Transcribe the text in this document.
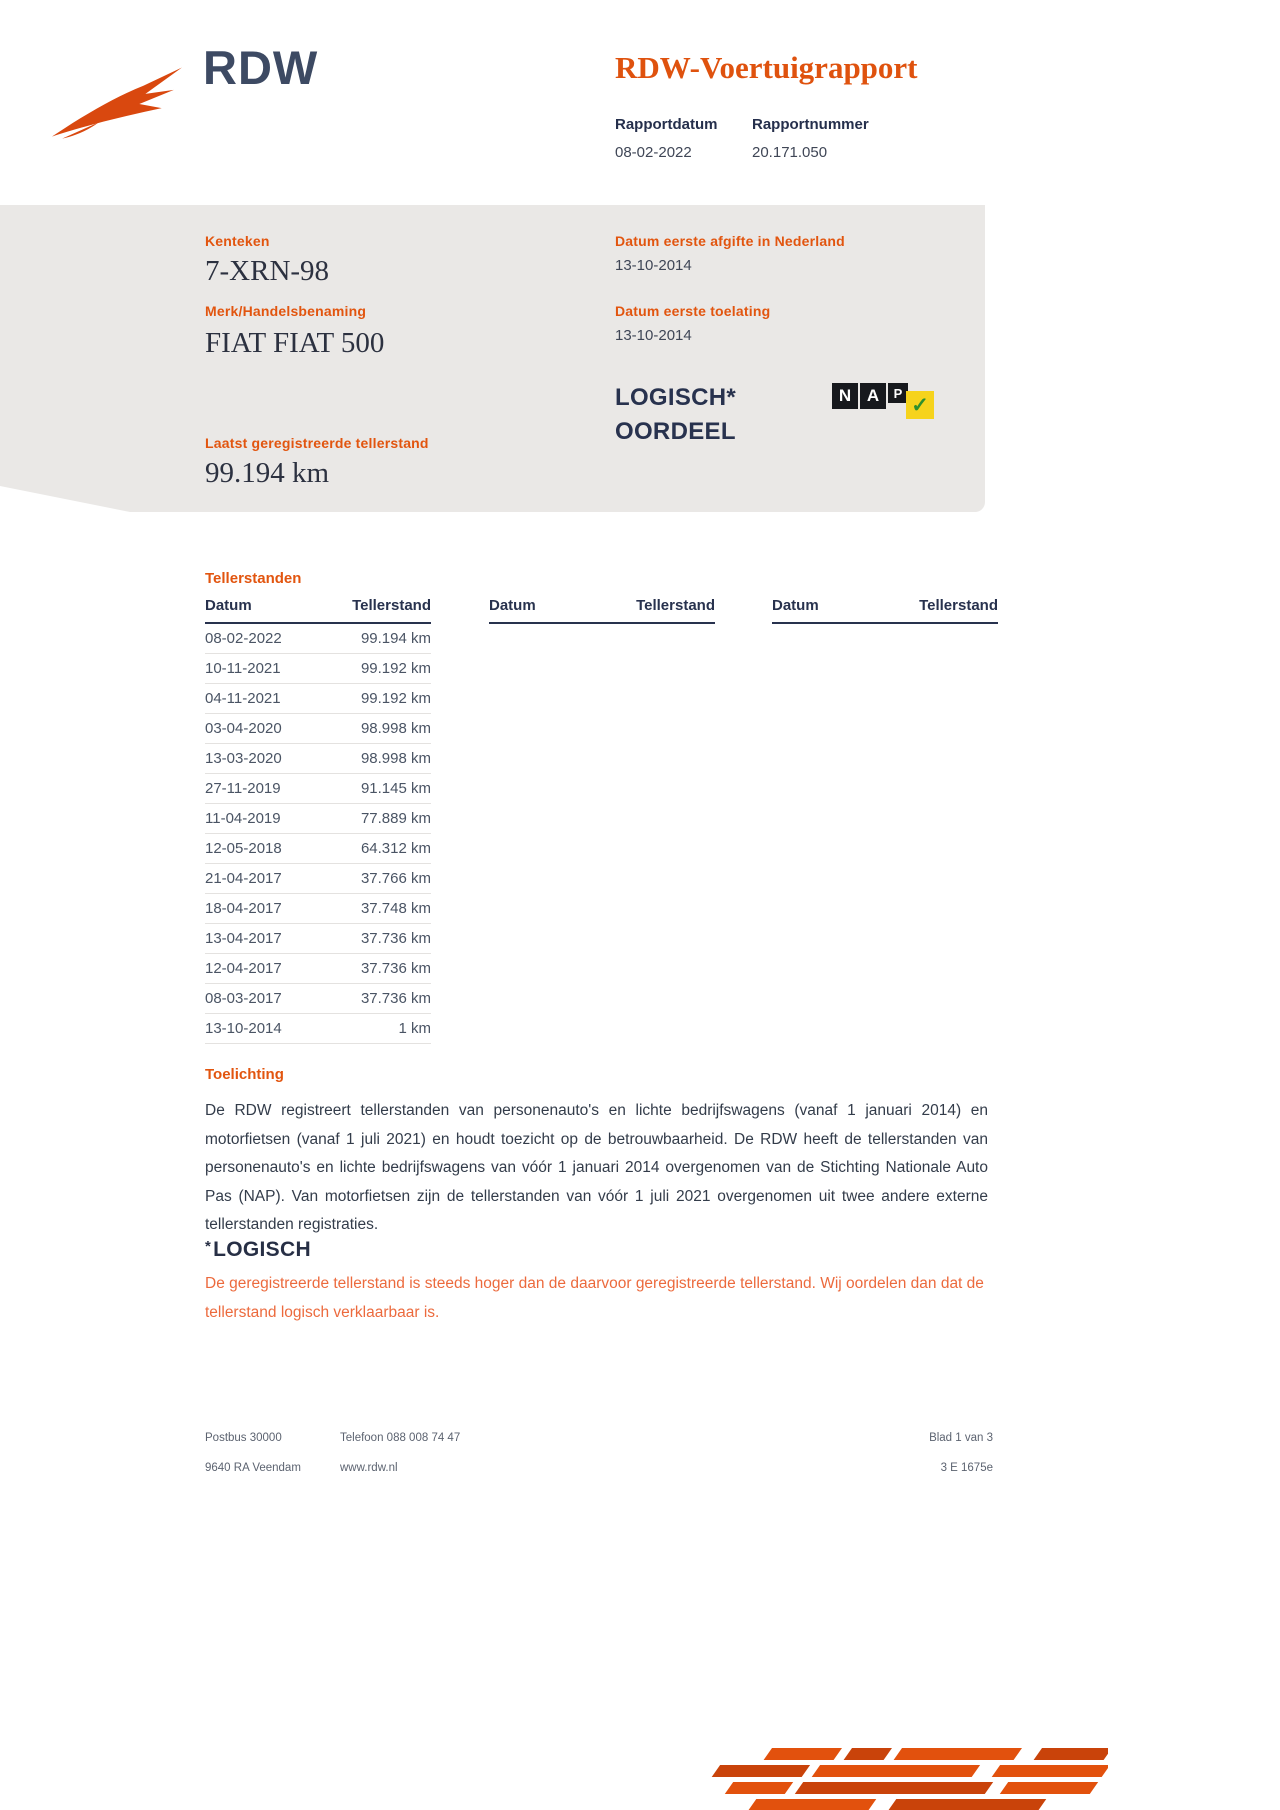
RDW	RDW-Voertuigrapport
Rapportdatum
08-02-2022
Rapportnummer
20.171.050
Kenteken
7-XRN-98
Merk/Handelsbenaming
FIAT FIAT 500
Laatst geregistreerde tellerstand
99.194 km
Datum eerste afgifte in Nederland
13-10-2014
Datum eerste toelating
13-10-2014
LOGISCH*
OORDEEL
N A	P
✓
Tellerstanden
Datum	Tellerstand
08-02-2022	99.194 km
10-11-2021	99.192 km
04-11-2021	99.192 km
03-04-2020	98.998 km
13-03-2020	98.998 km
27-11-2019	91.145 km
11-04-2019	77.889 km
12-05-2018	64.312 km
21-04-2017	37.766 km
18-04-2017	37.748 km
13-04-2017	37.736 km
12-04-2017	37.736 km
08-03-2017	37.736 km
13-10-2014	1 km
Datum	Tellerstand	Datum	Tellerstand
Toelichting

De RDW registreert tellerstanden van personenauto's en lichte bedrijfswagens (vanaf 1 januari 2014) en motorfietsen (vanaf 1 juli 2021) en houdt toezicht op de betrouwbaarheid. De RDW heeft de tellerstanden van personenauto's en lichte bedrijfswagens van vóór 1 januari 2014 overgenomen van de Stichting Nationale Auto Pas (NAP). Van motorfietsen zijn de tellerstanden van vóór 1 juli 2021 overgenomen uit twee andere externe tellerstanden registraties.

*LOGISCH

De geregistreerde tellerstand is steeds hoger dan de daarvoor geregistreerde tellerstand. Wij oordelen dan dat de tellerstand logisch verklaarbaar is.

Postbus 30000
9640 RA Veendam
Telefoon 088 008 74 47
www.rdw.nl
Blad 1 van 3
3 E 1675e
